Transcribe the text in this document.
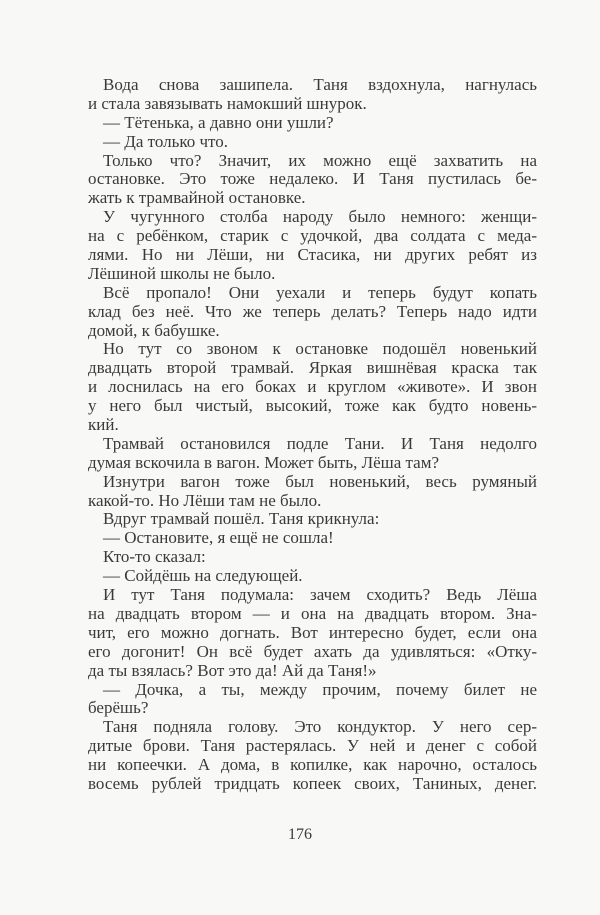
Вода снова зашипела. Таня вздохнула, нагнулась
и стала завязывать намокший шнурок.
— Тётенька, а давно они ушли?
— Да только что.
Только что? Значит, их можно ещё захватить на
остановке. Это тоже недалеко. И Таня пустилась бе-
жать к трамвайной остановке.
У чугунного столба народу было немного: женщи-
на с ребёнком, старик с удочкой, два солдата с меда-
лями. Но ни Лёши, ни Стасика, ни других ребят из
Лёшиной школы не было.
Всё пропало! Они уехали и теперь будут копать
клад без неё. Что же теперь делать? Теперь надо идти
домой, к бабушке.
Но тут со звоном к остановке подошёл новенький
двадцать второй трамвай. Яркая вишнёвая краска так
и лоснилась на его боках и круглом «животе». И звон
у него был чистый, высокий, тоже как будто новень-
кий.
Трамвай остановился подле Тани. И Таня недолго
думая вскочила в вагон. Может быть, Лёша там?
Изнутри вагон тоже был новенький, весь румяный
какой-то. Но Лёши там не было.
Вдруг трамвай пошёл. Таня крикнула:
— Остановите, я ещё не сошла!
Кто-то сказал:
— Сойдёшь на следующей.
И тут Таня подумала: зачем сходить? Ведь Лёша
на двадцать втором — и она на двадцать втором. Зна-
чит, его можно догнать. Вот интересно будет, если она
его догонит! Он всё будет ахать да удивляться: «Отку-
да ты взялась? Вот это да! Ай да Таня!»
— Дочка, а ты, между прочим, почему билет не
берёшь?
Таня подняла голову. Это кондуктор. У него сер-
дитые брови. Таня растерялась. У ней и денег с собой
ни копеечки. А дома, в копилке, как нарочно, осталось
восемь рублей тридцать копеек своих, Таниных, денег.
176
